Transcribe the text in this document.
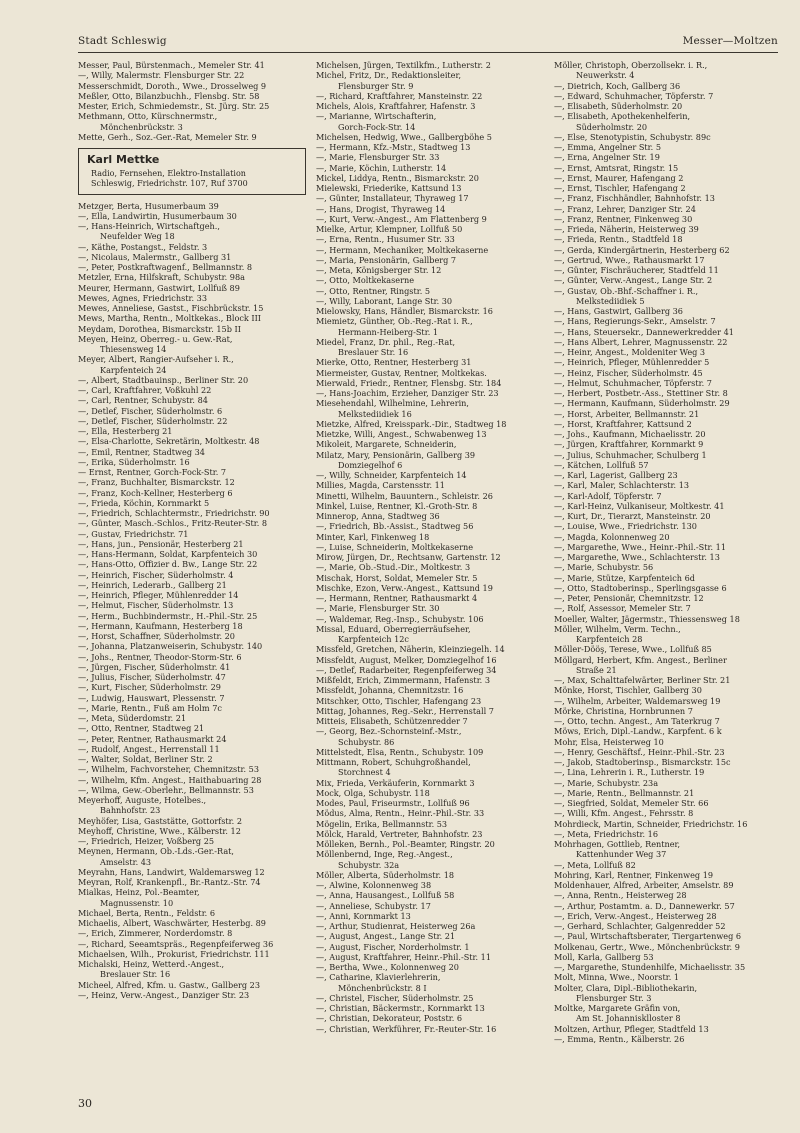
Stadt Schleswig	Messer—Moltzen
Messer, Paul, Bürstenmach., Memeler Str. 41
—, Willy, Malermstr. Flensburger Str. 22
Messerschmidt, Doroth., Wwe., Drosselweg 9
Meßler, Otto, Bilanzbuchh., Flensbg. Str. 58
Mester, Erich, Schmiedemstr., St. Jürg. Str. 25
Methmann, Otto, Kürschnermstr.,
Mönchenbrückstr. 3
Mette, Gerh., Soz.-Ger.-Rat, Memeler Str. 9
Karl Mettke
Radio, Fernsehen, Elektro-Installation
Schleswig, Friedrichstr. 107, Ruf 3700
Metzger, Berta, Husumerbaum 39
—, Ella, Landwirtin, Husumerbaum 30
—, Hans-Heinrich, Wirtschaftgeh.,
Neufelder Weg 18
—, Käthe, Postangst., Feldstr. 3
—, Nicolaus, Malermstr., Gallberg 31
—, Peter, Postkraftwagenf., Bellmannstr. 8
Metzler, Erna, Hilfskraft, Schubystr. 98a
Meurer, Hermann, Gastwirt, Lollfuß 89
Mewes, Agnes, Friedrichstr. 33
Mewes, Anneliese, Gastst., Fischbrückstr. 15
Mews, Martha, Rentn., Moltkekas., Block III
Meydam, Dorothea, Bismarckstr. 15b II
Meyen, Heinz, Oberreg.- u. Gew.-Rat,
Thiesensweg 14
Meyer, Albert, Rangier-Aufseher i. R.,
Karpfenteich 24
—, Albert, Stadtbauinsp., Berliner Str. 20
—, Carl, Kraftfahrer, Voßkuhl 22
—, Carl, Rentner, Schubystr. 84
—, Detlef, Fischer, Süderholmstr. 6
—, Detlef, Fischer, Süderholmstr. 22
—, Ella, Hesterberg 21
—, Elsa-Charlotte, Sekretärin, Moltkestr. 48
—, Emil, Rentner, Stadtweg 34
—, Erika, Süderholmstr. 16
— Ernst, Rentner, Gorch-Fock-Str. 7
—, Franz, Buchhalter, Bismarckstr. 12
—, Franz, Koch-Kellner, Hesterberg 6
—, Frieda, Köchin, Kornmarkt 5
—, Friedrich, Schlachtermstr., Friedrichstr. 90
—, Günter, Masch.-Schlos., Fritz-Reuter-Str. 8
—, Gustav, Friedrichstr. 71
—, Hans, jun., Pensionär, Hesterberg 21
—, Hans-Hermann, Soldat, Karpfenteich 30
—, Hans-Otto, Offizier d. Bw., Lange Str. 22
—, Heinrich, Fischer, Süderholmstr. 4
—, Heinrich, Lederarb., Gallberg 21
—, Heinrich, Pfleger, Mühlenredder 14
—, Helmut, Fischer, Süderholmstr. 13
—, Herm., Buchbindermstr., H.-Phil.-Str. 25
—, Hermann, Kaufmann, Hesterberg 18
—, Horst, Schaffner, Süderholmstr. 20
—, Johanna, Platzanweiserin, Schubystr. 140
—, Johs., Rentner, Theodor-Storm-Str. 6
—, Jürgen, Fischer, Süderholmstr. 41
—, Julius, Fischer, Süderholmstr. 47
—, Kurt, Fischer, Süderholmstr. 29
—, Ludwig, Hauswart, Plessenstr. 7
—, Marie, Rentn., Fuß am Holm 7c
—, Meta, Süderdomstr. 21
—, Otto, Rentner, Stadtweg 21
—, Peter, Rentner, Rathausmarkt 24
—, Rudolf, Angest., Herrenstall 11
—, Walter, Soldat, Berliner Str. 2
—, Wilhelm, Fachvorsteher, Chemnitzstr. 53
—, Wilhelm, Kfm. Angest., Haithabuaring 28
—, Wilma, Gew.-Oberlehr., Bellmannstr. 53
Meyerhoff, Auguste, Hotelbes.,
Bahnhofstr. 23
Meyhöfer, Lisa, Gaststätte, Gottorfstr. 2
Meyhoff, Christine, Wwe., Kälberstr. 12
—, Friedrich, Heizer, Voßberg 25
Meynen, Hermann, Ob.-Lds.-Ger.-Rat,
Amselstr. 43
Meyrahn, Hans, Landwirt, Waldemarsweg 12
Meyran, Rolf, Krankenpfl., Br.-Rantz.-Str. 74
Mialkas, Heinz, Pol.-Beamter,
Magnussenstr. 10
Michael, Berta, Rentn., Feldstr. 6
Michaelis, Albert, Waschwärter, Hesterbg. 89
—, Erich, Zimmerer, Norderdomstr. 8
—, Richard, Seeamtspräs., Regenpfeiferweg 36
Michaelsen, Wilh., Prokurist, Friedrichstr. 111
Michalski, Heinz, Wetterd.-Angest.,
Breslauer Str. 16
Micheel, Alfred, Kfm. u. Gastw., Gallberg 23
—, Heinz, Verw.-Angest., Danziger Str. 23
Michelsen, Jürgen, Textilkfm., Lutherstr. 2
Michel, Fritz, Dr., Redaktionsleiter,
Flensburger Str. 9
—, Richard, Kraftfahrer, Mansteinstr. 22
Michels, Alois, Kraftfahrer, Hafenstr. 3
—, Marianne, Wirtschafterin,
Gorch-Fock-Str. 14
Michelsen, Hedwig, Wwe., Gallbergböhe 5
—, Hermann, Kfz.-Mstr., Stadtweg 13
—, Marie, Flensburger Str. 33
—, Marie, Köchin, Lutherstr. 14
Mickel, Liddya, Rentn., Bismarckstr. 20
Mielewski, Friederike, Kattsund 13
—, Günter, Installateur, Thyraweg 17
—, Hans, Drogist, Thyraweg 14
—, Kurt, Verw.-Angest., Am Flattenberg 9
Mielke, Artur, Klempner, Lollfuß 50
—, Erna, Rentn., Husumer Str. 33
—, Hermann, Mechaniker, Moltkekaserne
—, Maria, Pensionärin, Gallberg 7
—, Meta, Königsberger Str. 12
—, Otto, Moltkekaserne
—, Otto, Rentner, Ringstr. 5
—, Willy, Laborant, Lange Str. 30
Mielowsky, Hans, Händler, Bismarckstr. 16
Miemietz, Günther, Ob.-Reg.-Rat i. R.,
Hermann-Heiberg-Str. 1
Miedel, Franz, Dr. phil., Reg.-Rat,
Breslauer Str. 16
Mierke, Otto, Rentner, Hesterberg 31
Miermeister, Gustav, Rentner, Moltkekas.
Mierwald, Friedr., Rentner, Flensbg. Str. 184
—, Hans-Joachim, Erzieher, Danziger Str. 23
Miesehendahl, Wilhelmine, Lehrerin,
Melkstediidiek 16
Mietzke, Alfred, Kreisspark.-Dir., Stadtweg 18
Mietzke, Willi, Angest., Schwabenweg 13
Mikoleit, Margarete, Schneiderin,
Milatz, Mary, Pensionärin, Gallberg 39
Domziegelhof 6
—, Willy, Schneider, Karpfenteich 14
Millies, Magda, Carstensstr. 11
Minetti, Wilhelm, Bauuntern., Schleistr. 26
Minkel, Luise, Rentner, Kl.-Groth-Str. 8
Minnerop, Anna, Stadtweg 36
—, Friedrich, Bb.-Assist., Stadtweg 56
Minter, Karl, Finkenweg 18
—, Luise, Schneiderin, Moltkekaserne
Mirow, Jürgen, Dr., Rechtsanw, Gartenstr. 12
—, Marie, Ob.-Stud.-Dir., Moltkestr. 3
Mischak, Horst, Soldat, Memeler Str. 5
Mischke, Ezon, Verw.-Angest., Kattsund 19
—, Hermann, Rentner, Rathausmarkt 4
—, Marie, Flensburger Str. 30
—, Waldemar, Reg.-Insp., Schubystr. 106
Missal, Eduard, Oberregierräufseher,
Karpfenteich 12c
Missfeld, Gretchen, Näherin, Kleinziegelh. 14
Missfeldt, August, Melker, Domziegelhof 16
—, Detlef, Radarbeiter, Regenpfeiferweg 34
Mißfeldt, Erich, Zimmermann, Hafenstr. 3
Missfeldt, Johanna, Chemnitzstr. 16
Mitschker, Otto, Tischler, Hafengang 23
Mittag, Johannes, Reg.-Sekr., Herrenstall 7
Mitteis, Elisabeth, Schützenredder 7
—, Georg, Bez.-Schornsteinf.-Mstr.,
Schubystr. 86
Mittelstedt, Elsa, Rentn., Schubystr. 109
Mittmann, Robert, Schuhgroßhandel,
Storchnest 4
Mix, Frieda, Verkäuferin, Kornmarkt 3
Mock, Olga, Schubystr. 118
Modes, Paul, Friseurmstr., Lollfuß 96
Mödus, Alma, Rentn., Heinr.-Phil.-Str. 33
Mögelin, Erika, Bellmannstr. 53
Mölck, Harald, Vertreter, Bahnhofstr. 23
Mölleken, Bernh., Pol.-Beamter, Ringstr. 20
Möllenbernd, Inge, Reg.-Angest.,
Schubystr. 32a
Möller, Alberta, Süderholmstr. 18
—, Alwine, Kolonnenweg 38
—, Anna, Hausangest., Lollfuß 58
—, Anneliese, Schubystr. 17
—, Anni, Kornmarkt 13
—, Arthur, Studienrat, Heisterweg 26a
—, August, Angest., Lange Str. 21
—, August, Fischer, Norderholmstr. 1
—, August, Kraftfahrer, Heinr.-Phil.-Str. 11
—, Bertha, Wwe., Kolonnenweg 20
—, Catharine, Klavierlehrerin,
Mönchenbrückstr. 8 I
—, Christel, Fischer, Süderholmstr. 25
—, Christian, Bäckermstr., Kornmarkt 13
—, Christian, Dekorateur, Poststr. 6
—, Christian, Werkführer, Fr.-Reuter-Str. 16
Möller, Christoph, Oberzollsekr. i. R.,
Neuwerkstr. 4
—, Dietrich, Koch, Gallberg 36
—, Edward, Schuhmacher, Töpferstr. 7
—, Elisabeth, Süderholmstr. 20
—, Elisabeth, Apothekenhelferin,
Süderholmstr. 20
—, Else, Stenotypistin, Schubystr. 89c
—, Emma, Angelner Str. 5
—, Erna, Angelner Str. 19
—, Ernst, Amtsrat, Ringstr. 15
—, Ernst, Maurer, Hafengang 2
—, Ernst, Tischler, Hafengang 2
—, Franz, Fischhändler, Bahnhofstr. 13
—, Franz, Lehrer, Danziger Str. 24
—, Franz, Rentner, Finkenweg 30
—, Frieda, Näherin, Heisterweg 39
—, Frieda, Rentn., Stadtfeld 18
—, Gerda, Kindergärtnerin, Hesterberg 62
—, Gertrud, Wwe., Rathausmarkt 17
—, Günter, Fischräucherer, Stadtfeld 11
—, Günter, Verw.-Angest., Lange Str. 2
—, Gustav, Ob.-Bhf.-Schaffner i. R.,
Melkstediidiek 5
—, Hans, Gastwirt, Gallberg 36
—, Hans, Regierungs-Sekr., Amselstr. 7
—, Hans, Steuersekr., Dannewerkredder 41
—, Hans Albert, Lehrer, Magnussenstr. 22
—, Heinr, Angest., Moldeniter Weg 3
—, Heinrich, Pfleger, Mühlenredder 5
—, Heinz, Fischer, Süderholmstr. 45
—, Helmut, Schuhmacher, Töpferstr. 7
—, Herbert, Postbetr.-Ass., Stettiner Str. 8
—, Hermann, Kaufmann, Süderholmstr. 29
—, Horst, Arbeiter, Bellmannstr. 21
—, Horst, Kraftfahrer, Kattsund 2
—, Johs., Kaufmann, Michaelisstr. 20
—, Jürgen, Kraftfahrer, Kornmarkt 9
—, Julius, Schuhmacher, Schulberg 1
—, Kätchen, Lollfuß 57
—, Karl, Lagerist, Gallberg 23
—, Karl, Maler, Schlachterstr. 13
—, Karl-Adolf, Töpferstr. 7
—, Karl-Heinz, Vulkaniseur, Moltkestr. 41
—, Kurt, Dr., Tierarzt, Mansteinstr. 20
—, Louise, Wwe., Friedrichstr. 130
—, Magda, Kolonnenweg 20
—, Margarethe, Wwe., Heinr.-Phil.-Str. 11
—, Margarethe, Wwe., Schlachterstr. 13
—, Marie, Schubystr. 56
—, Marie, Stütze, Karpfenteich 6d
—, Otto, Stadtoberinsp., Sperlingsgasse 6
—, Peter, Pensionär, Chemnitzstr. 12
—, Rolf, Assessor, Memeler Str. 7
Moeller, Walter, Jägermstr., Thiessensweg 18
Möller, Wilhelm, Verm. Techn.,
Karpfenteich 28
Möller-Dööş, Terese, Wwe., Lollfuß 85
Möllgard, Herbert, Kfm. Angest., Berliner
Straße 21
—, Max, Schalttafelwärter, Berliner Str. 21
Mönke, Horst, Tischler, Gallberg 30
—, Wilhelm, Arbeiter, Waldemarsweg 19
Mörke, Christina, Hornbrunnen 7
—, Otto, techn. Angest., Am Taterkrug 7
Möws, Erich, Dipl.-Landw., Karpfent. 6 k
Mohr, Elsa, Heisterweg 10
—, Henry, Geschäftsf., Heinr.-Phil.-Str. 23
—, Jakob, Stadtoberinsp., Bismarckstr. 15c
—, Lina, Lehrerin i. R., Lutherstr. 19
—, Marie, Schubystr. 23a
—, Marie, Rentn., Bellmannstr. 21
—, Siegfried, Soldat, Memeler Str. 66
—, Willi, Kfm. Angest., Fehrsstr. 8
Mohrdieck, Martin, Schneider, Friedrichstr. 16
—, Meta, Friedrichstr. 16
Mohrhagen, Gottlieb, Rentner,
Kattenhunder Weg 37
—, Meta, Lollfuß 82
Mohring, Karl, Rentner, Finkenweg 19
Moldenhauer, Alfred, Arbeiter, Amselstr. 89
—, Anna, Rentn., Heisterweg 28
—, Arthur, Postamtm. a. D., Dannewerkr. 57
—, Erich, Verw.-Angest., Heisterweg 28
—, Gerhard, Schlachter, Galgenredder 52
—, Paul, Wirtschaftsberater, Tiergartenweg 6
Molkenau, Gertr., Wwe., Mönchenbrückstr. 9
Moll, Karla, Gallberg 53
—, Margarethe, Stundenhilfe, Michaelisstr. 35
Molt, Minna, Wwe., Noorstr. 1
Molter, Clara, Dipl.-Bibliothekarin,
Flensburger Str. 3
Moltke, Margarete Gräfin von,
Am St. Johannisklloster 8
Moltzen, Arthur, Pfleger, Stadtfeld 13
—, Emma, Rentn., Kälberstr. 26
30
